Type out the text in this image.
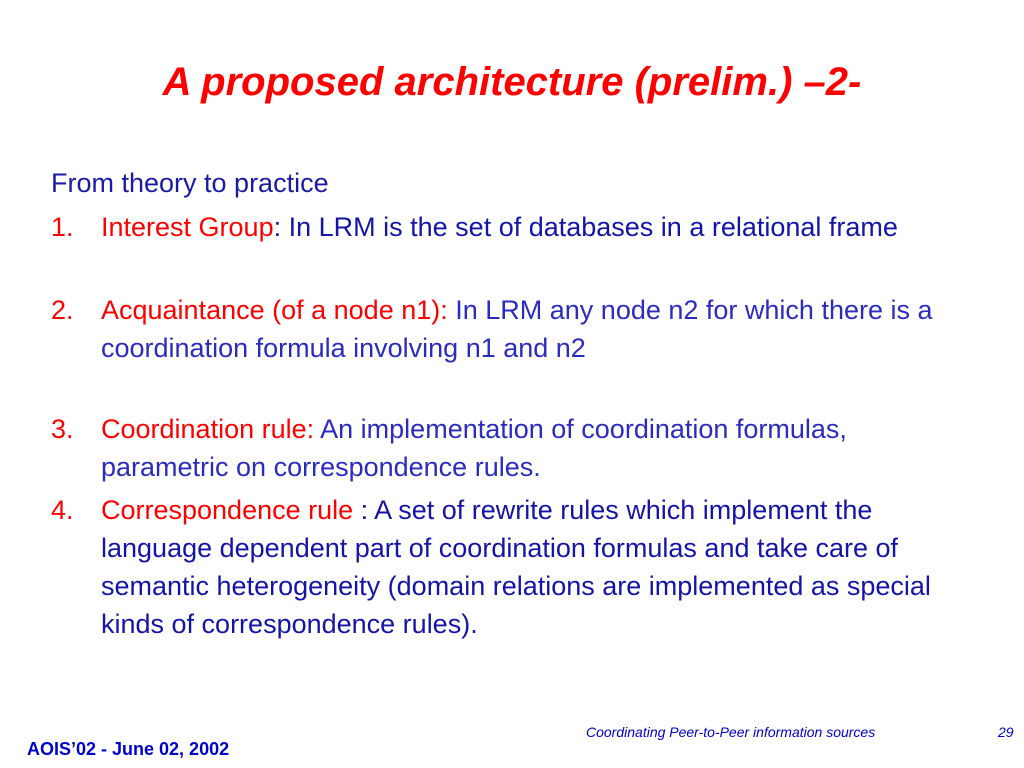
A proposed architecture (prelim.) –2-
From theory to practice
1. Interest Group: In LRM is the set of databases in a relational frame
2. Acquaintance (of a node n1): In LRM any node n2 for which there is a coordination formula involving n1 and n2
3. Coordination rule: An implementation of coordination formulas, parametric on correspondence rules.
4. Correspondence rule : A set of rewrite rules which implement the language dependent part of coordination formulas and take care of semantic heterogeneity (domain relations are implemented as special kinds of correspondence rules).
AOIS’02 - June 02, 2002
Coordinating Peer-to-Peer information sources	29
